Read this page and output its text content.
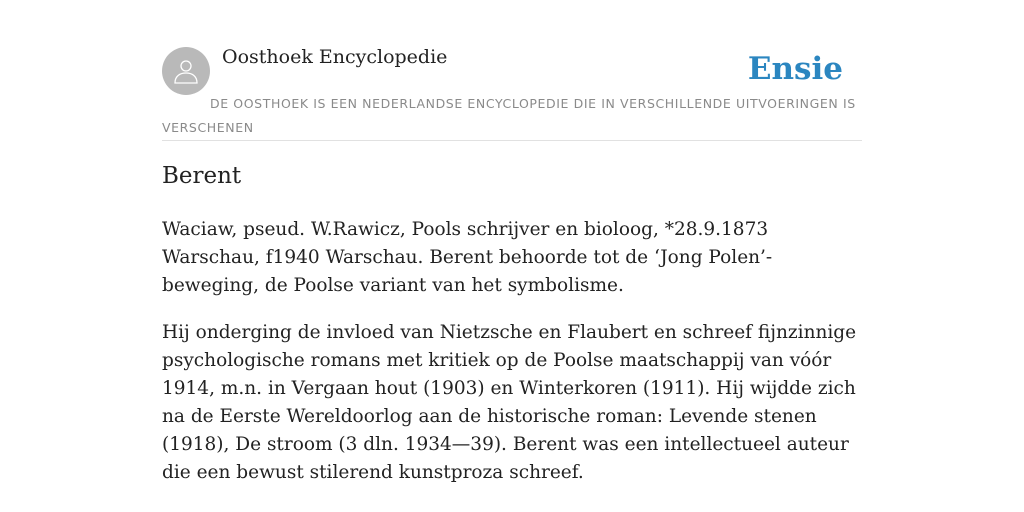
Oosthoek Encyclopedie	Ensie
DE OOSTHOEK IS EEN NEDERLANDSE ENCYCLOPEDIE DIE IN VERSCHILLENDE UITVOERINGEN IS VERSCHENEN
Berent

Waciaw, pseud. W.Rawicz, Pools schrijver en bioloog, *28.9.1873 Warschau, f1940 Warschau. Berent behoorde tot de ‘Jong Polen’-beweging, de Poolse variant van het symbolisme.

Hij onderging de invloed van Nietzsche en Flaubert en schreef fijnzinnige psychologische romans met kritiek op de Poolse maatschappij van vóór 1914, m.n. in Vergaan hout (1903) en Winterkoren (1911). Hij wijdde zich na de Eerste Wereldoorlog aan de historische roman: Levende stenen (1918), De stroom (3 dln. 1934—39). Berent was een intellectueel auteur die een bewust stilerend kunstproza schreef.
